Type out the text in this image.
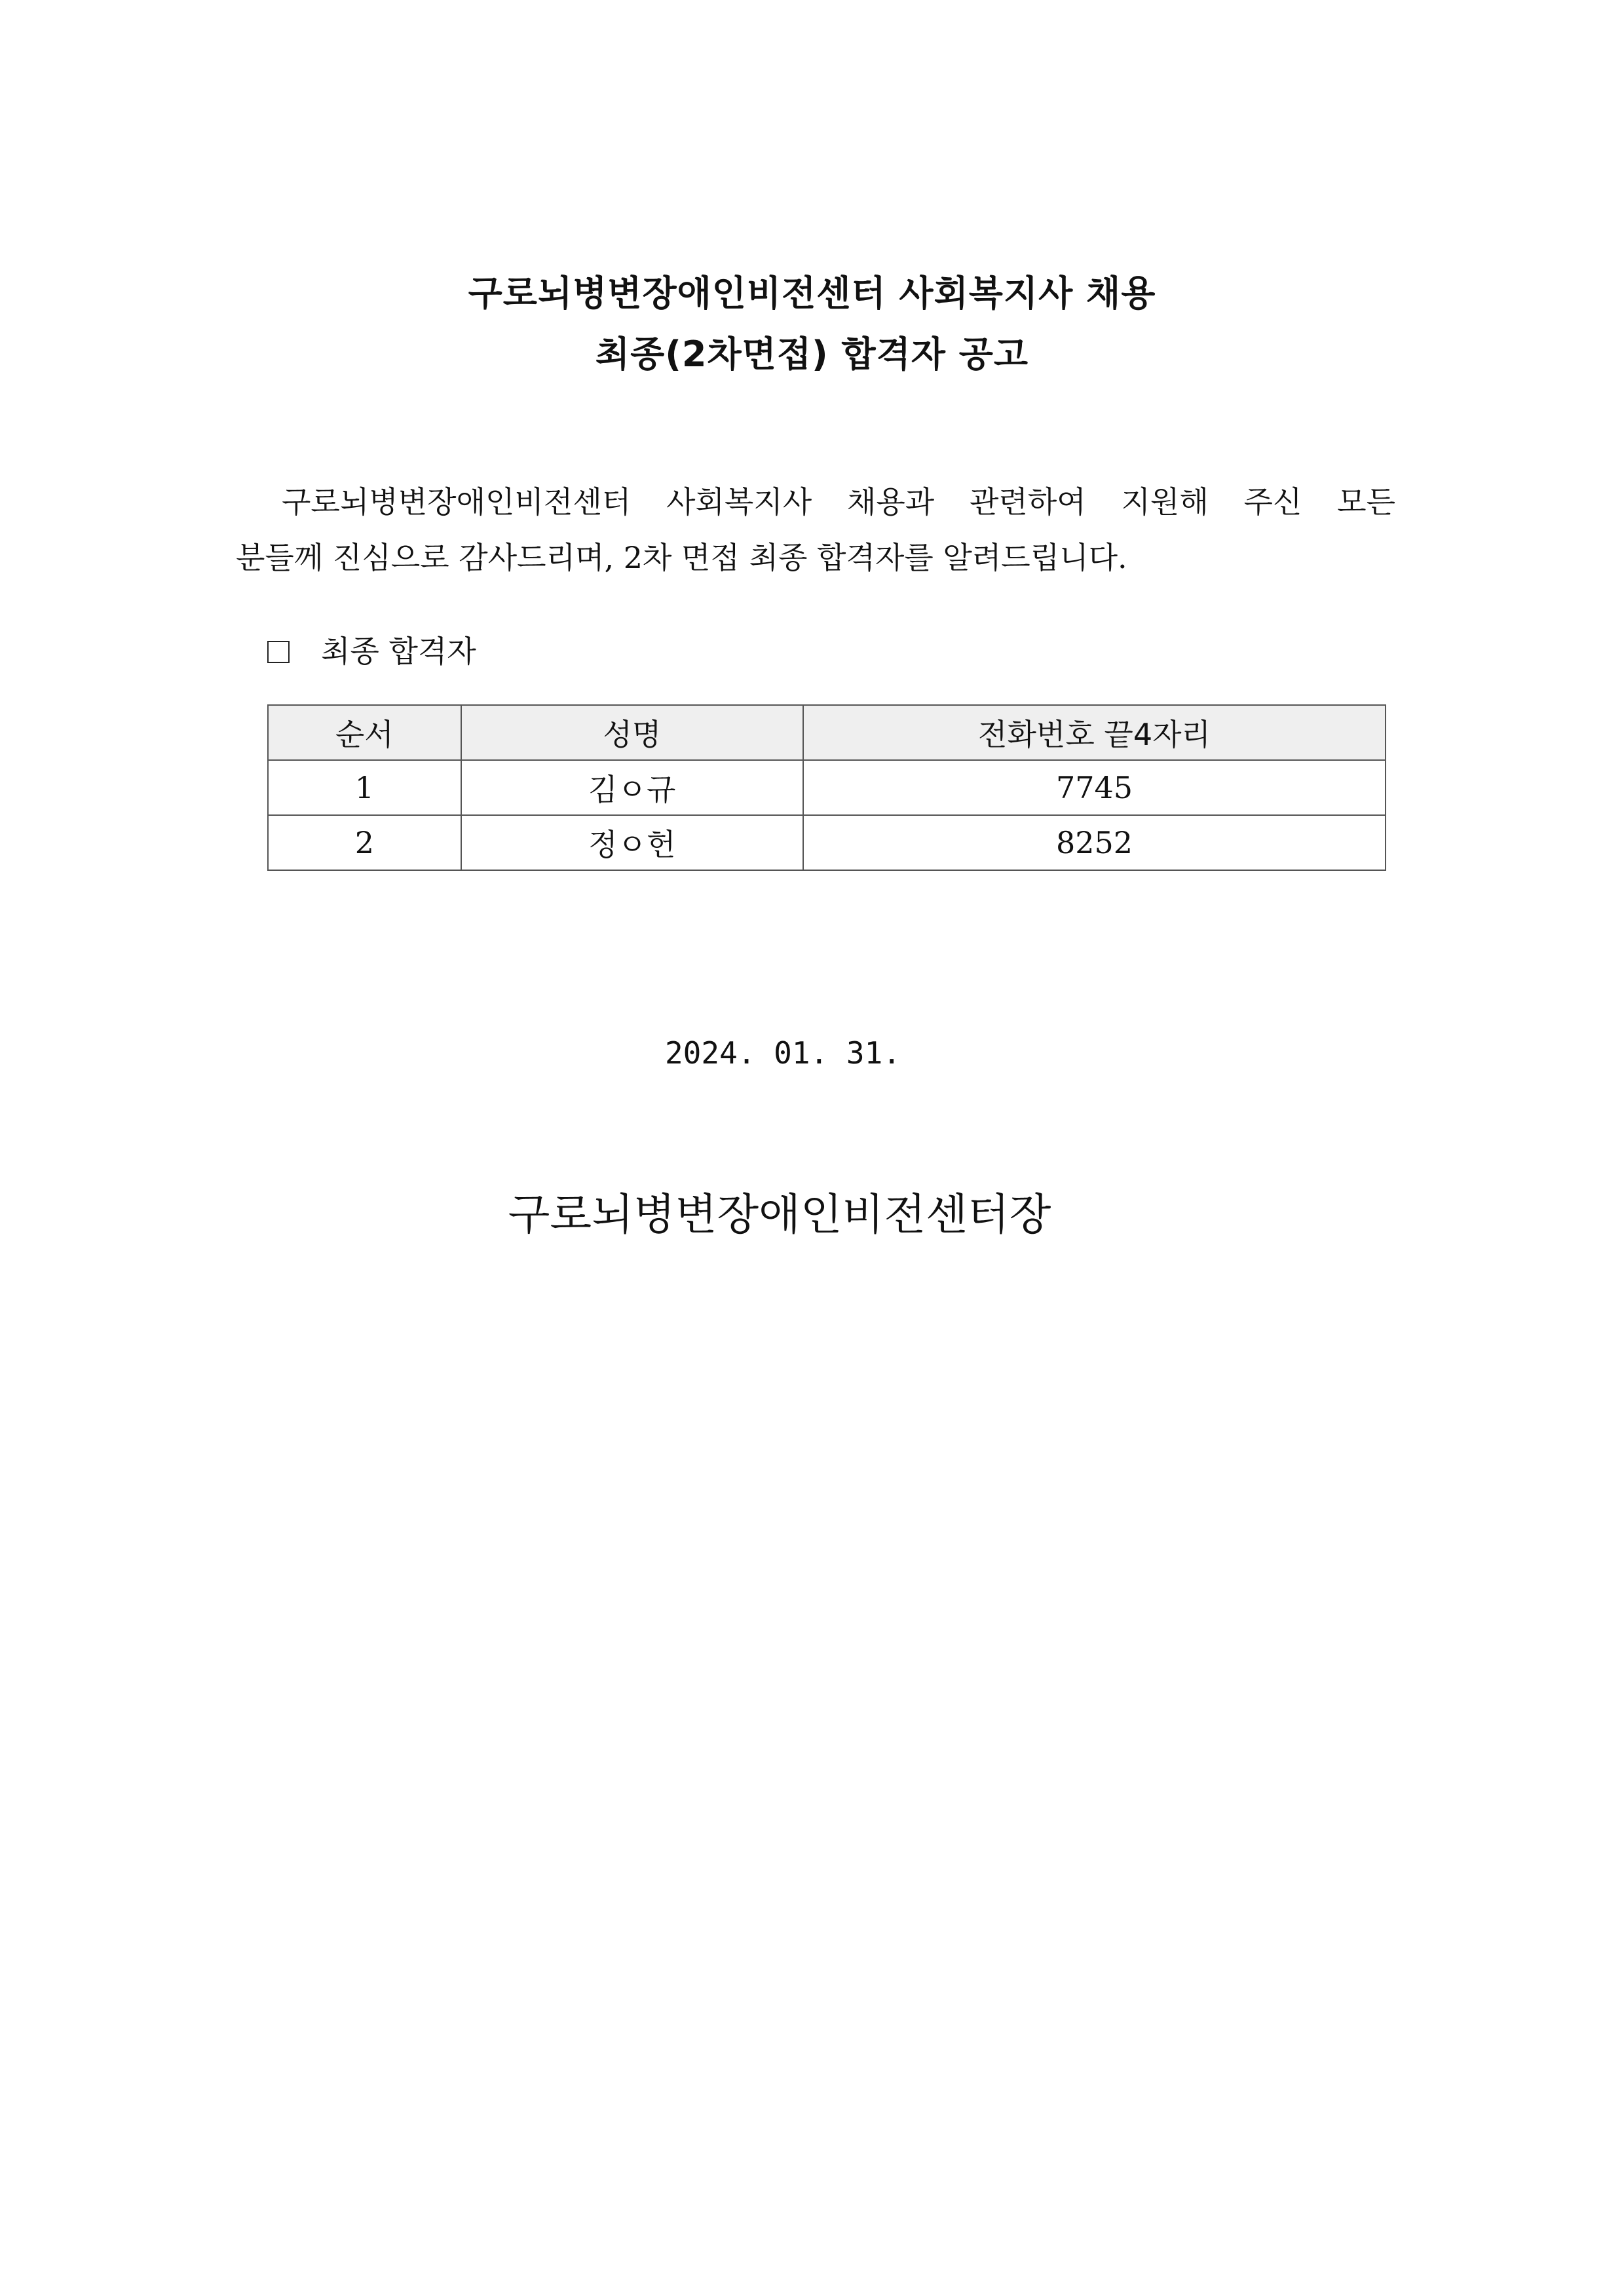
구로뇌병변장애인비전센터 사회복지사 채용
최종(2차면접) 합격자 공고
구로뇌병변장애인비전센터 사회복지사 채용과 관련하여 지원해 주신 모든
분들께 진심으로 감사드리며, 2차 면접 최종 합격자를 알려드립니다.
최종 합격자
순서	성명	전화번호 끝4자리
1	김ㅇ규	7745
2	정ㅇ헌	8252
2024. 01. 31.
구로뇌병변장애인비전센터장
